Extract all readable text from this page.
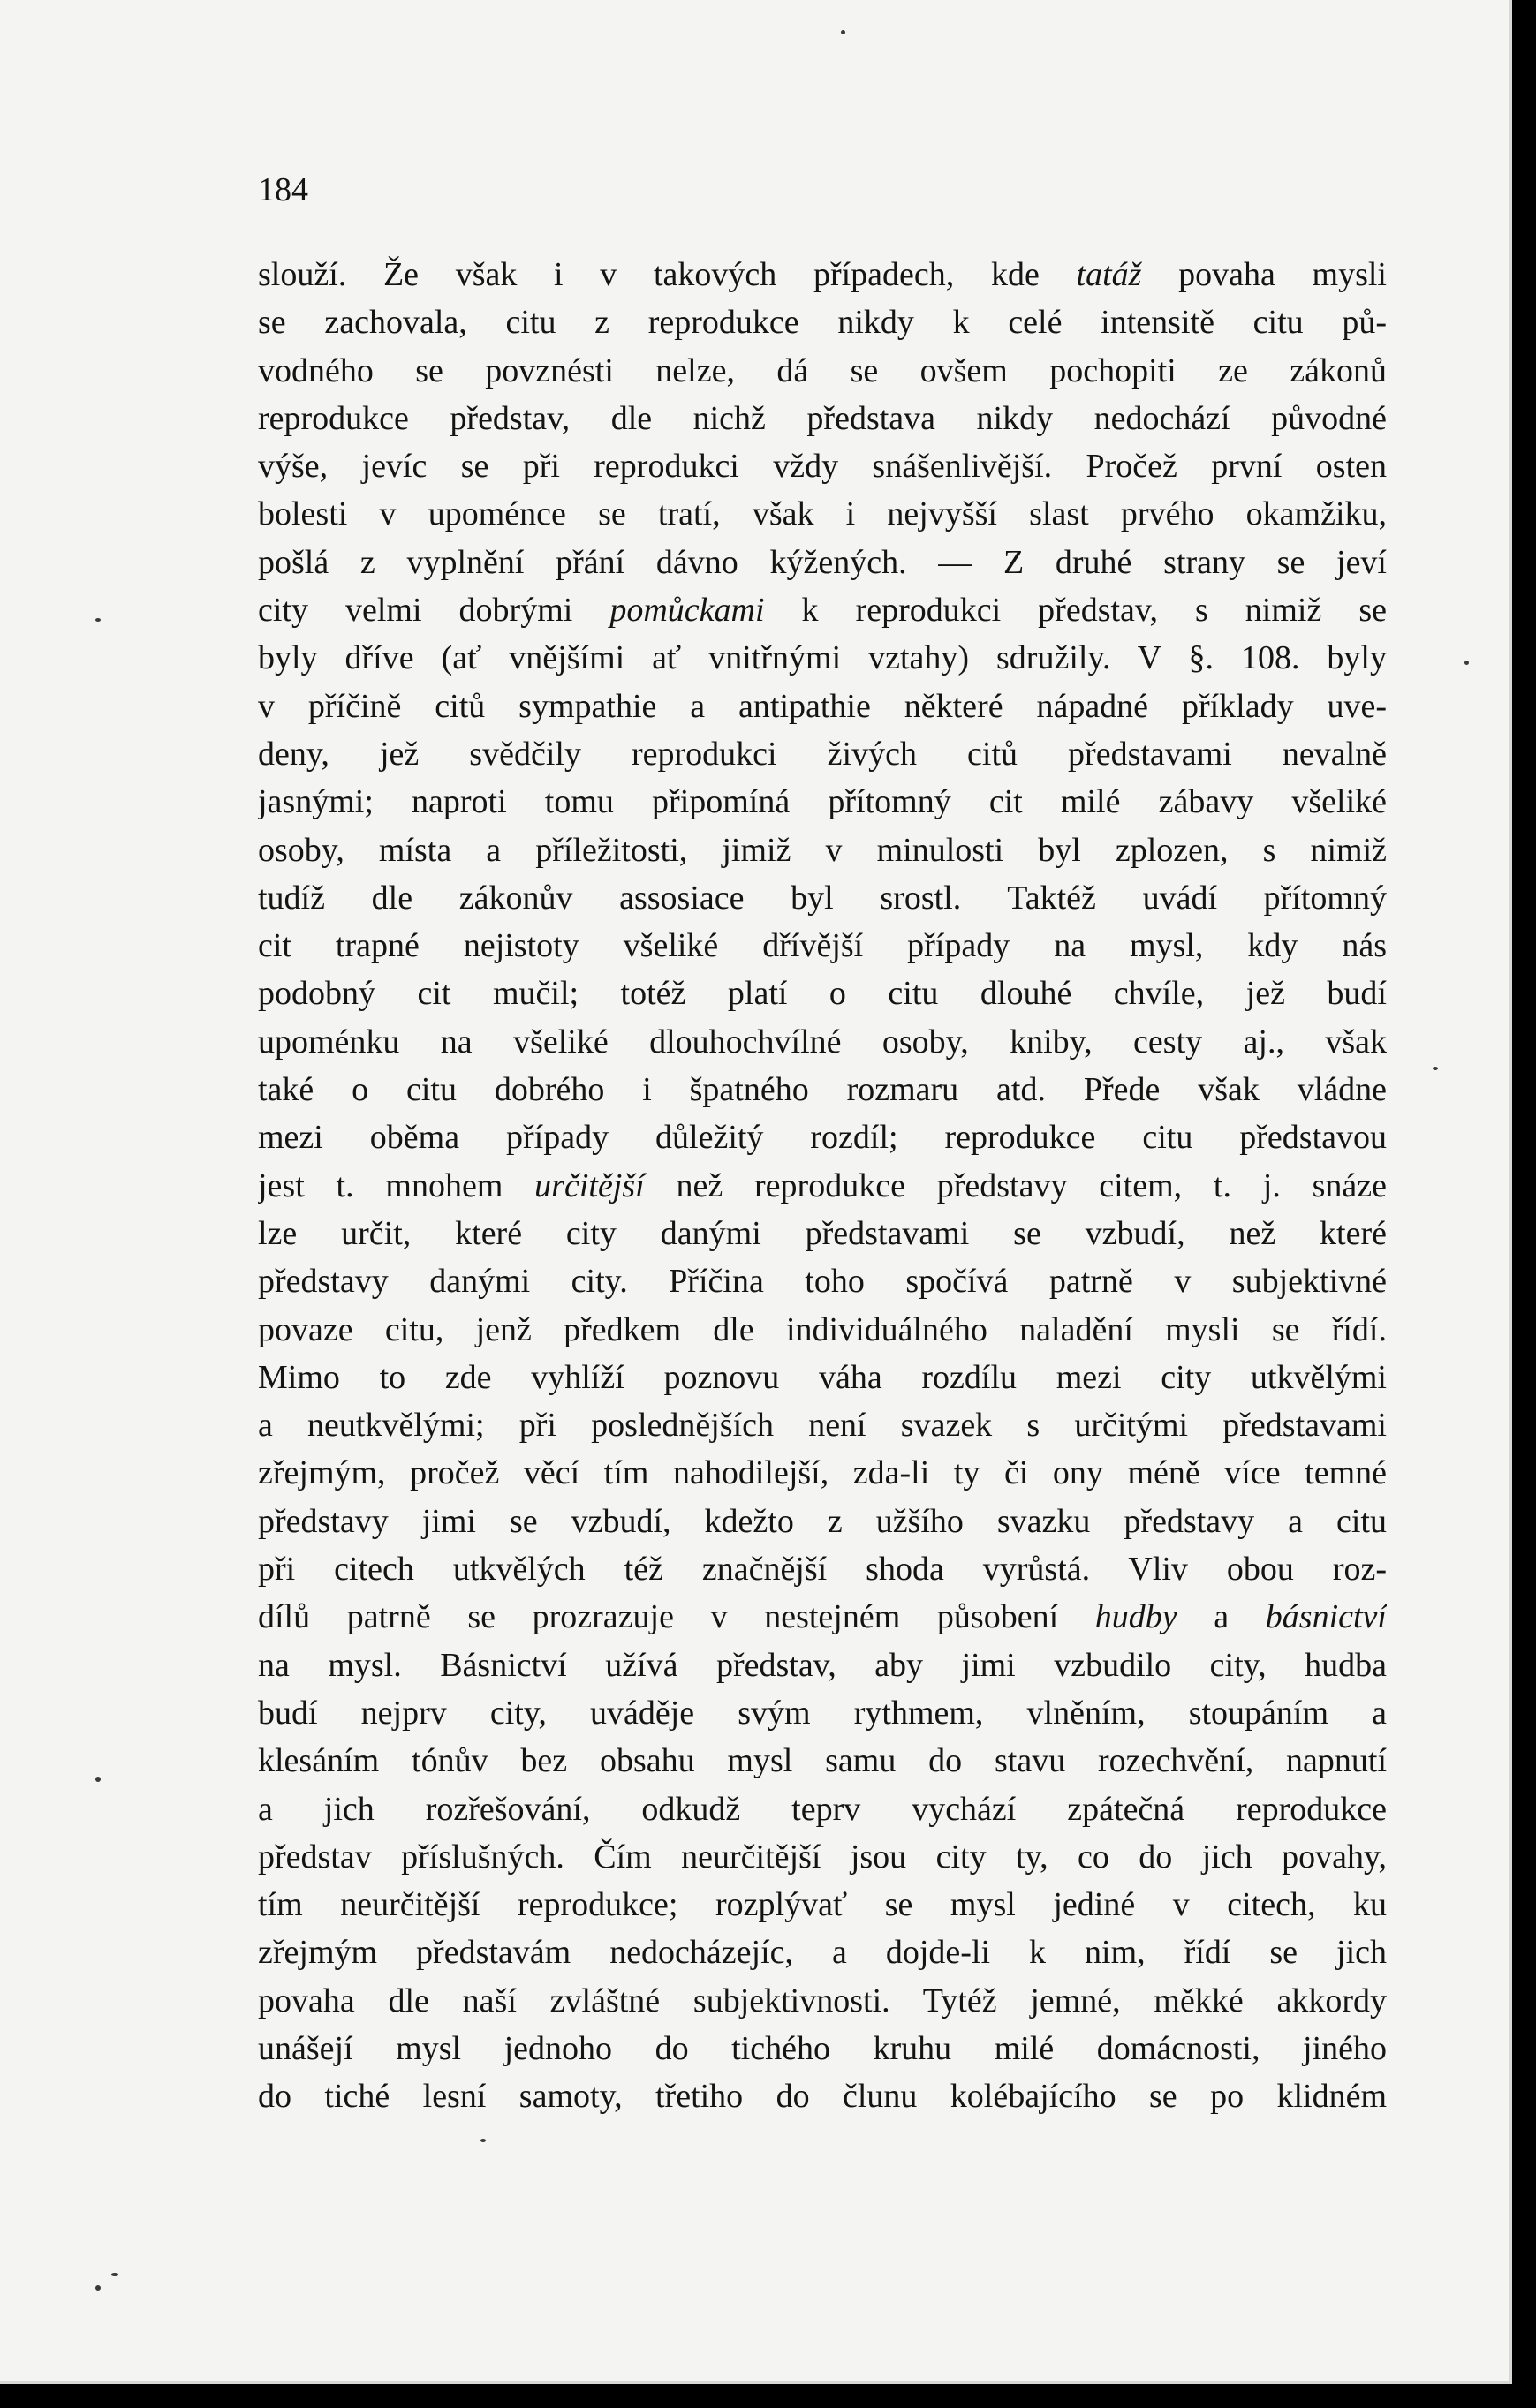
184
slouží. Že však i v takových případech, kde tatáž povaha mysli
se zachovala, citu z reprodukce nikdy k celé intensitě citu pů-
vodného se povznésti nelze, dá se ovšem pochopiti ze zákonů
reprodukce představ, dle nichž představa nikdy nedochází původné
výše, jevíc se při reprodukci vždy snášenlivější. Pročež první osten
bolesti v upoménce se tratí, však i nejvyšší slast prvého okamžiku,
pošlá z vyplnění přání dávno kýžených. — Z druhé strany se jeví
city velmi dobrými pomůckami k reprodukci představ, s nimiž se
byly dříve (ať vnějšími ať vnitřnými vztahy) sdružily. V §. 108. byly
v příčině citů sympathie a antipathie některé nápadné příklady uve-
deny, jež svědčily reprodukci živých citů představami nevalně
jasnými; naproti tomu připomíná přítomný cit milé zábavy všeliké
osoby, místa a příležitosti, jimiž v minulosti byl zplozen, s nimiž
tudíž dle zákonův assosiace byl srostl. Taktéž uvádí přítomný
cit trapné nejistoty všeliké dřívější případy na mysl, kdy nás
podobný cit mučil; totéž platí o citu dlouhé chvíle, jež budí
upoménku na všeliké dlouhochvílné osoby, kniby, cesty aj., však
také o citu dobrého i špatného rozmaru atd. Přede však vládne
mezi oběma případy důležitý rozdíl; reprodukce citu představou
jest t. mnohem určitější než reprodukce představy citem, t. j. snáze
lze určit, které city danými představami se vzbudí, než které
představy danými city. Příčina toho spočívá patrně v subjektivné
povaze citu, jenž předkem dle individuálného naladění mysli se řídí.
Mimo to zde vyhlíží poznovu váha rozdílu mezi city utkvělými
a neutkvělými; při poslednějších není svazek s určitými představami
zřejmým, pročež věcí tím nahodilejší, zda-li ty či ony méně více temné
představy jimi se vzbudí, kdežto z užšího svazku představy a citu
při citech utkvělých též značnější shoda vyrůstá. Vliv obou roz-
dílů patrně se prozrazuje v nestejném působení hudby a básnictví
na mysl. Básnictví užívá představ, aby jimi vzbudilo city, hudba
budí nejprv city, uváděje svým rythmem, vlněním, stoupáním a
klesáním tónův bez obsahu mysl samu do stavu rozechvění, napnutí
a jich rozřešování, odkudž teprv vychází zpátečná reprodukce
představ příslušných. Čím neurčitější jsou city ty, co do jich povahy,
tím neurčitější reprodukce; rozplývať se mysl jediné v citech, ku
zřejmým představám nedocházejíc, a dojde-li k nim, řídí se jich
povaha dle naší zvláštné subjektivnosti. Tytéž jemné, měkké akkordy
unášejí mysl jednoho do tichého kruhu milé domácnosti, jiného
do tiché lesní samoty, třetiho do člunu kolébajícího se po klidném
